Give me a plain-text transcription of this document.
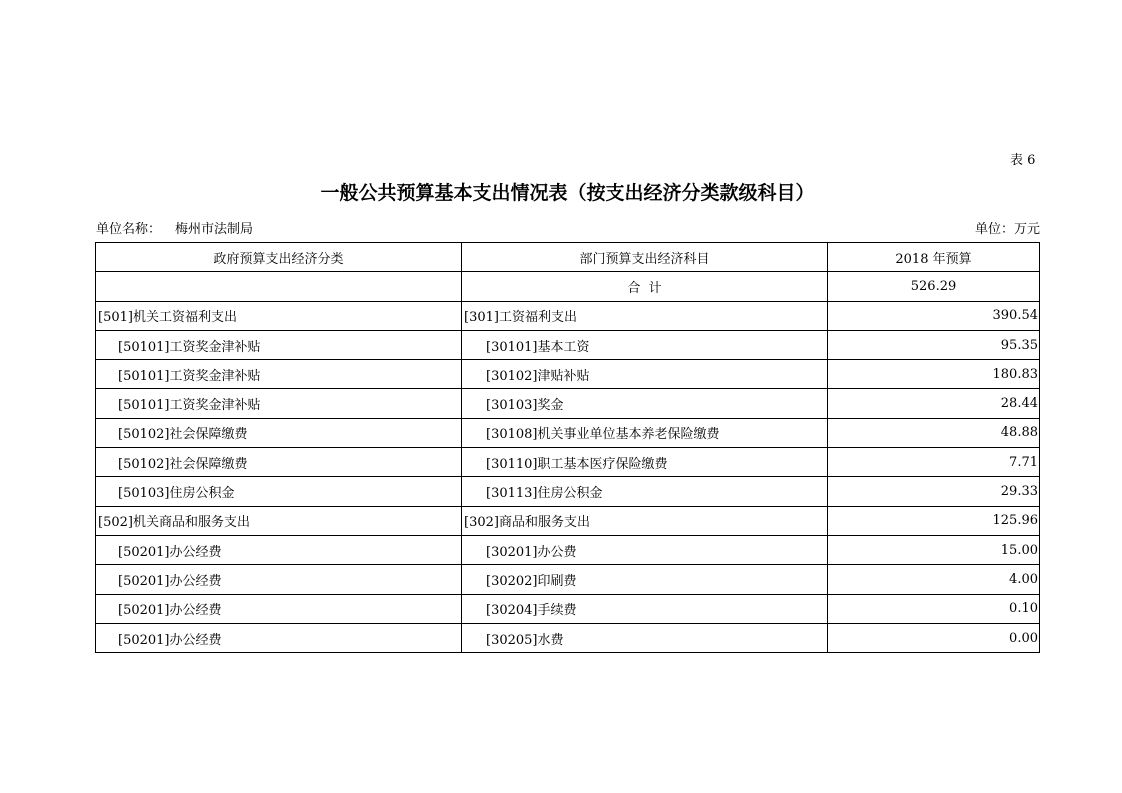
表 6
一般公共预算基本支出情况表（按支出经济分类款级科目）
单位名称： 梅州市法制局	单位：万元
政府预算支出经济分类	部门预算支出经济科目	2018 年预算
	合  计	526.29
[501]机关工资福利支出	[301]工资福利支出	390.54
[50101]工资奖金津补贴	[30101]基本工资	95.35
[50101]工资奖金津补贴	[30102]津贴补贴	180.83
[50101]工资奖金津补贴	[30103]奖金	28.44
[50102]社会保障缴费	[30108]机关事业单位基本养老保险缴费	48.88
[50102]社会保障缴费	[30110]职工基本医疗保险缴费	7.71
[50103]住房公积金	[30113]住房公积金	29.33
[502]机关商品和服务支出	[302]商品和服务支出	125.96
[50201]办公经费	[30201]办公费	15.00
[50201]办公经费	[30202]印刷费	4.00
[50201]办公经费	[30204]手续费	0.10
[50201]办公经费	[30205]水费	0.00
